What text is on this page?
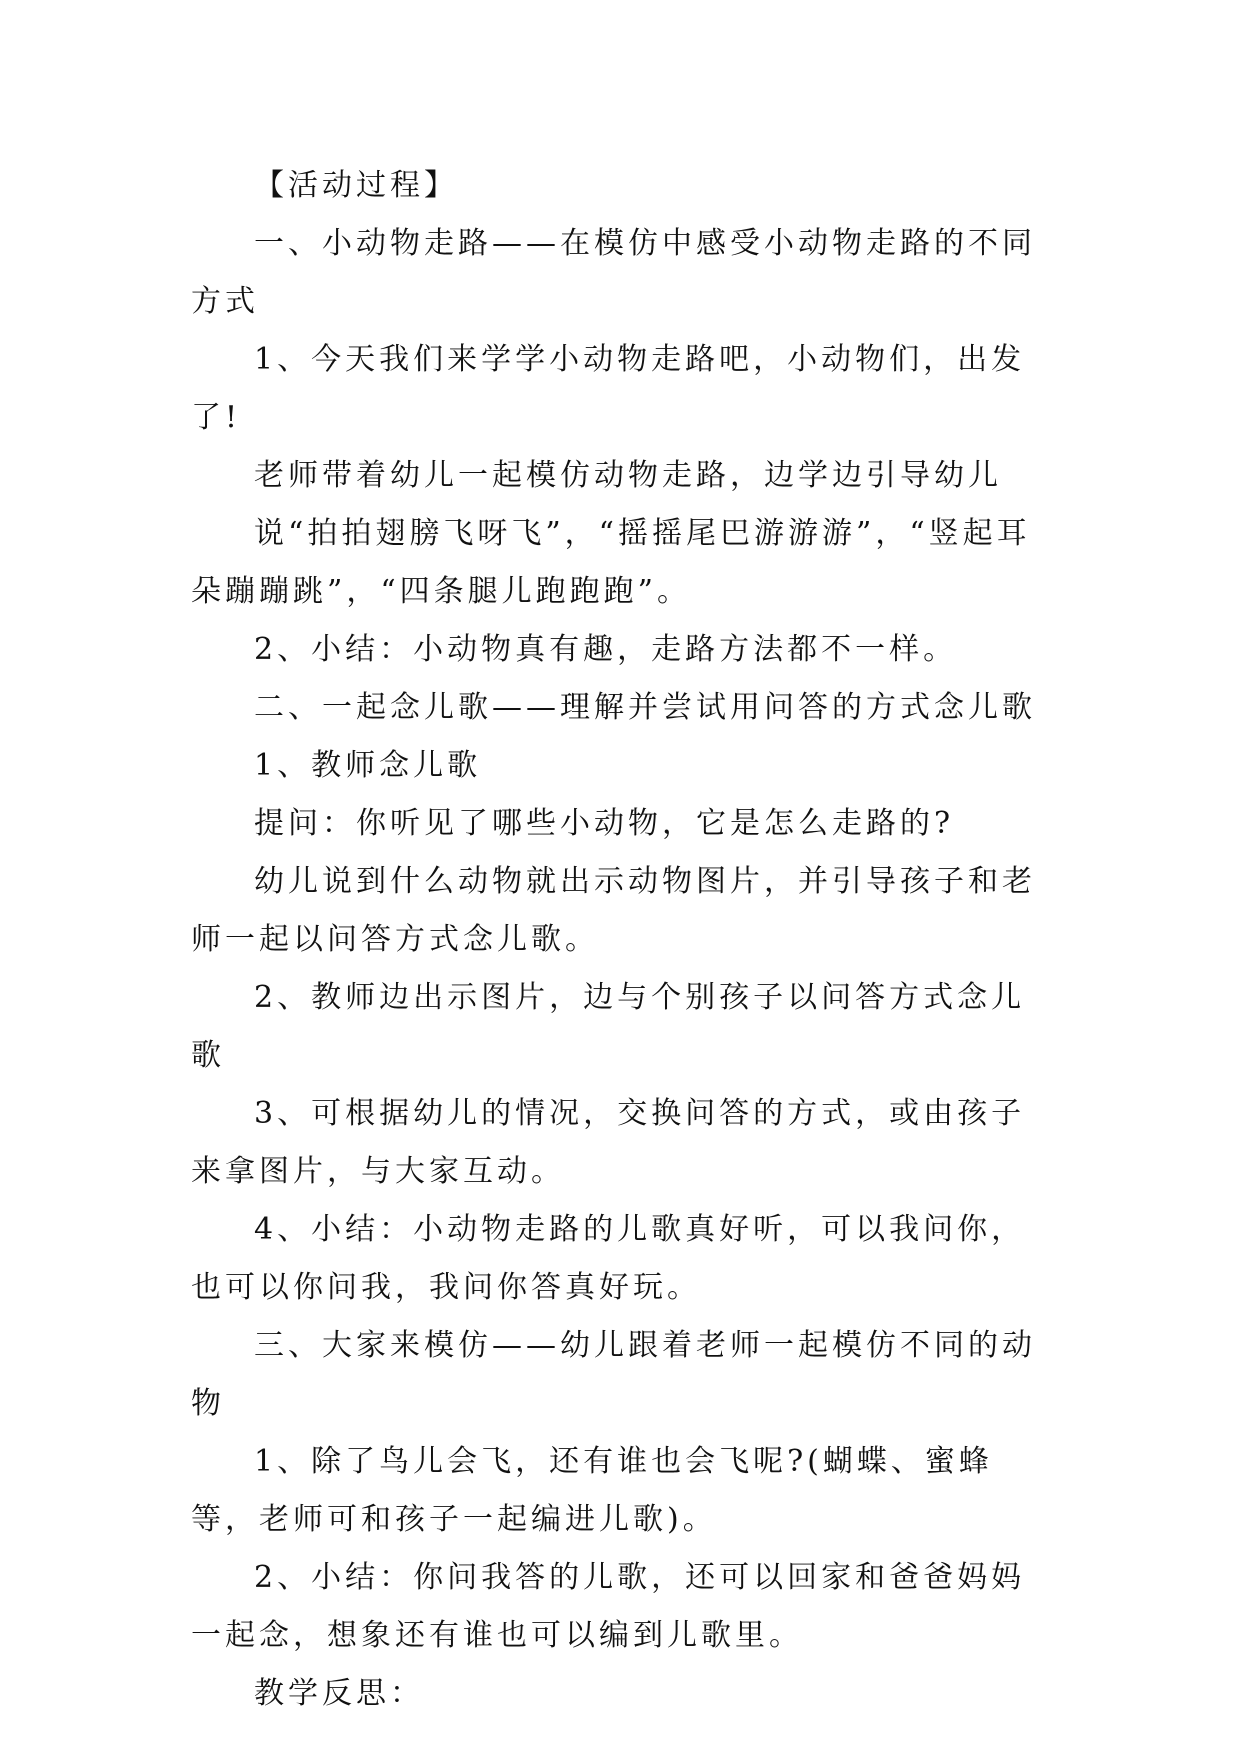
【活动过程】

一、小动物走路——在模仿中感受小动物走路的不同方式

1、今天我们来学学小动物走路吧，小动物们，出发了!

老师带着幼儿一起模仿动物走路，边学边引导幼儿

说“拍拍翅膀飞呀飞”，“摇摇尾巴游游游”，“竖起耳朵蹦蹦跳”，“四条腿儿跑跑跑”。

2、小结：小动物真有趣，走路方法都不一样。

二、一起念儿歌——理解并尝试用问答的方式念儿歌

1、教师念儿歌

提问：你听见了哪些小动物，它是怎么走路的?

幼儿说到什么动物就出示动物图片，并引导孩子和老师一起以问答方式念儿歌。

2、教师边出示图片，边与个别孩子以问答方式念儿歌

3、可根据幼儿的情况，交换问答的方式，或由孩子来拿图片，与大家互动。

4、小结：小动物走路的儿歌真好听，可以我问你，也可以你问我，我问你答真好玩。

三、大家来模仿——幼儿跟着老师一起模仿不同的动物

1、除了鸟儿会飞，还有谁也会飞呢?(蝴蝶、蜜蜂等，老师可和孩子一起编进儿歌)。

2、小结：你问我答的儿歌，还可以回家和爸爸妈妈一起念，想象还有谁也可以编到儿歌里。

教学反思：
